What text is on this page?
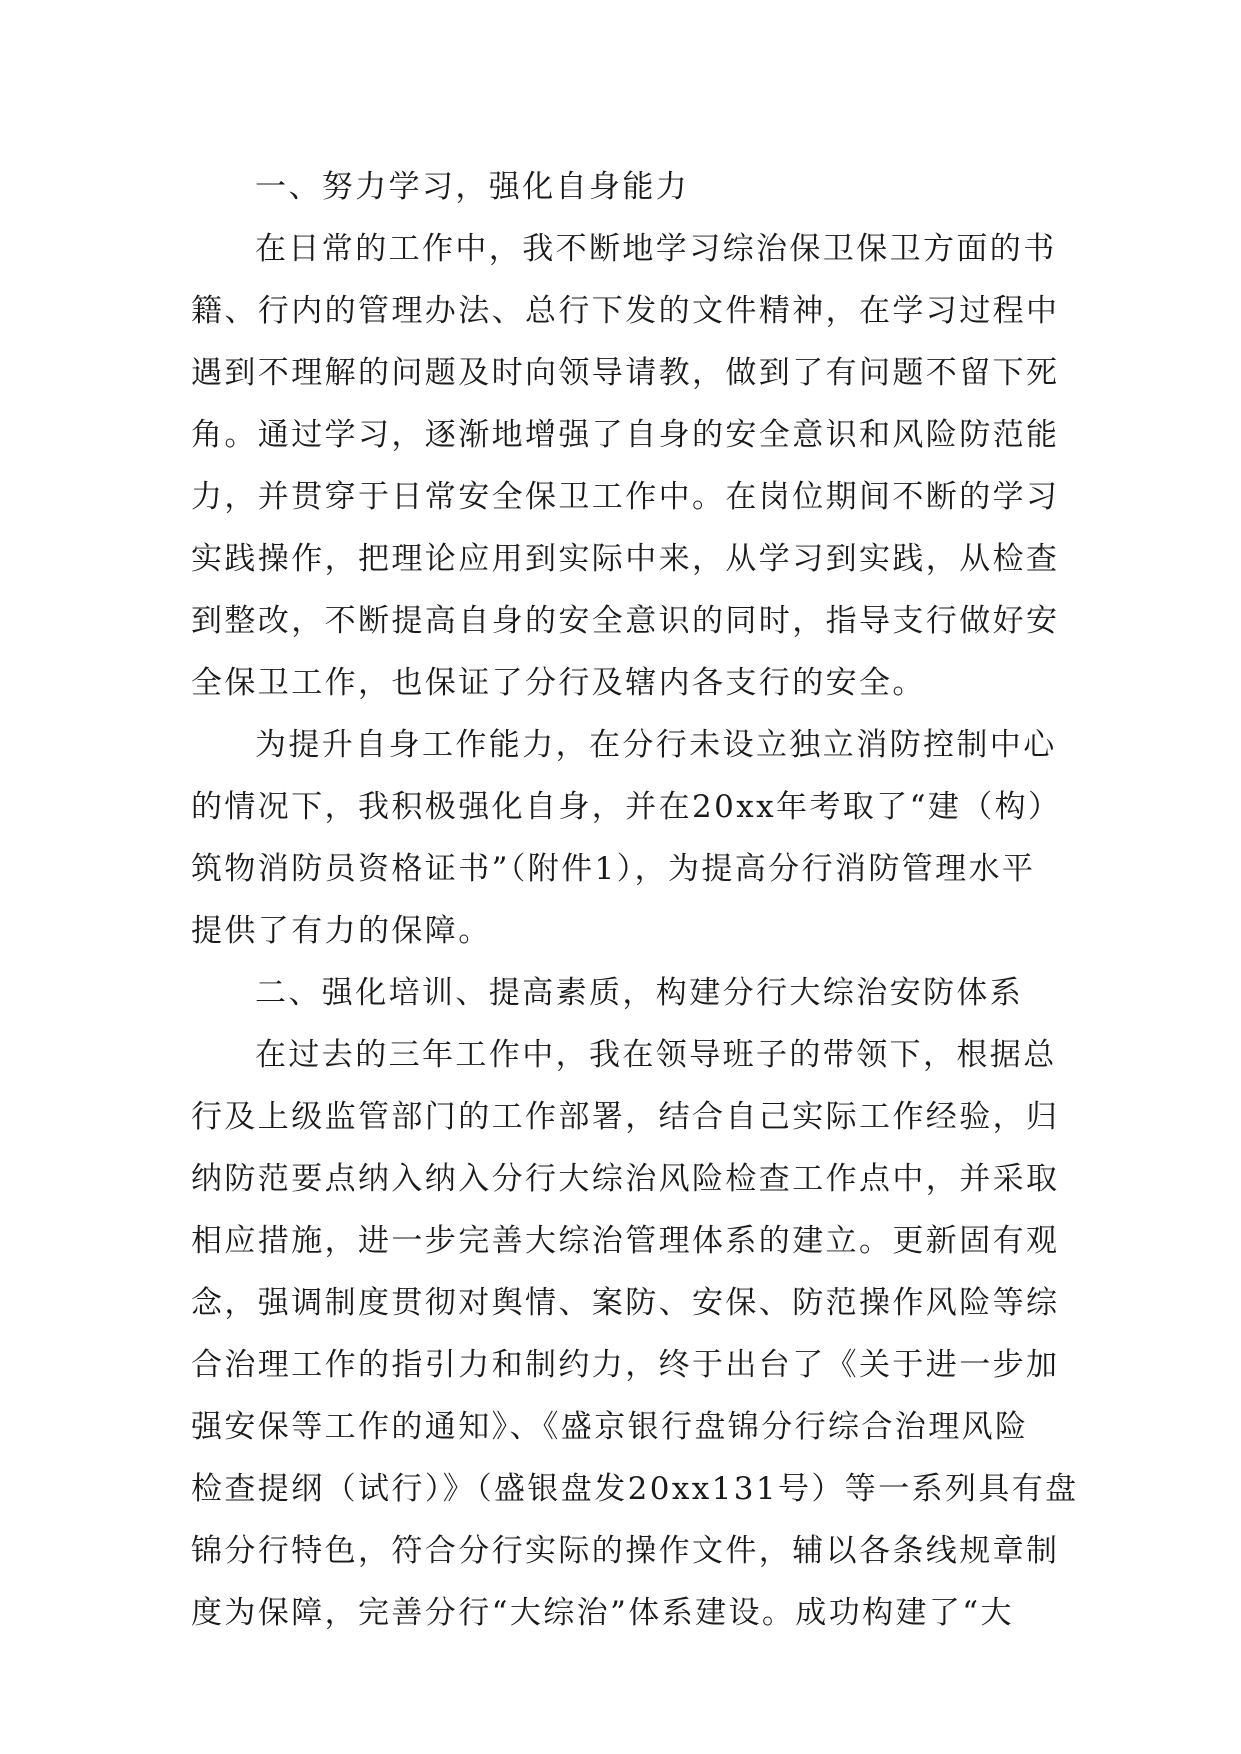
一、努力学习，强化自身能力
在日常的工作中，我不断地学习综治保卫保卫方面的书
籍、行内的管理办法、总行下发的文件精神，在学习过程中
遇到不理解的问题及时向领导请教，做到了有问题不留下死
角。通过学习，逐渐地增强了自身的安全意识和风险防范能
力，并贯穿于日常安全保卫工作中。在岗位期间不断的学习
实践操作，把理论应用到实际中来，从学习到实践，从检查
到整改，不断提高自身的安全意识的同时，指导支行做好安
全保卫工作，也保证了分行及辖内各支行的安全。
为提升自身工作能力，在分行未设立独立消防控制中心
的情况下，我积极强化自身，并在20xx年考取了“建（构）
筑物消防员资格证书”（附件1），为提高分行消防管理水平
提供了有力的保障。
二、强化培训、提高素质，构建分行大综治安防体系
在过去的三年工作中，我在领导班子的带领下，根据总
行及上级监管部门的工作部署，结合自己实际工作经验，归
纳防范要点纳入纳入分行大综治风险检查工作点中，并采取
相应措施，进一步完善大综治管理体系的建立。更新固有观
念，强调制度贯彻对舆情、案防、安保、防范操作风险等综
合治理工作的指引力和制约力，终于出台了《关于进一步加
强安保等工作的通知》、《盛京银行盘锦分行综合治理风险
检查提纲（试行）》（盛银盘发20xx131号）等一系列具有盘
锦分行特色，符合分行实际的操作文件，辅以各条线规章制
度为保障，完善分行“大综治”体系建设。成功构建了“大
